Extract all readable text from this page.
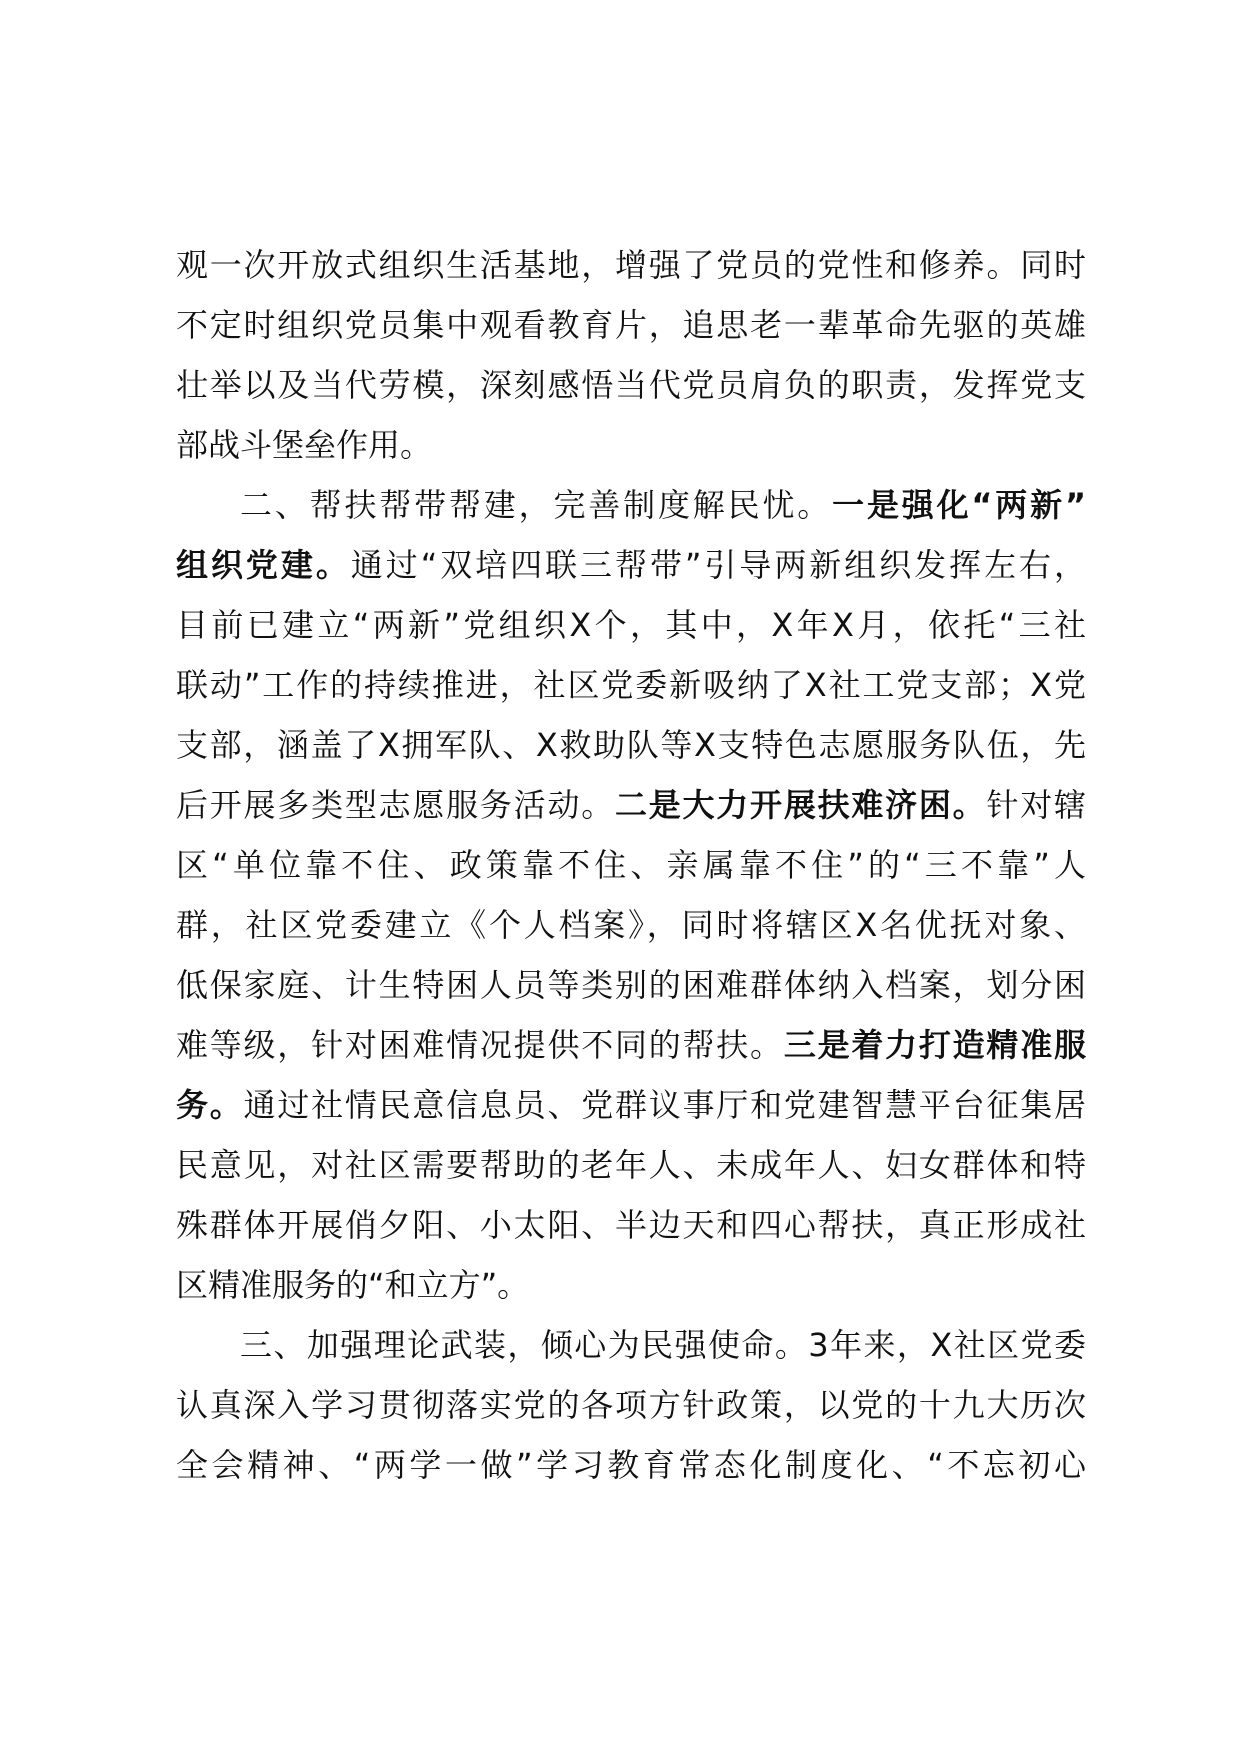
观一次开放式组织生活基地，增强了党员的党性和修养。同时
不定时组织党员集中观看教育片，追思老一辈革命先驱的英雄
壮举以及当代劳模，深刻感悟当代党员肩负的职责，发挥党支
部战斗堡垒作用。
二、帮扶帮带帮建，完善制度解民忧。一是强化“两新”
组织党建。通过“双培四联三帮带”引导两新组织发挥左右，
目前已建立“两新”党组织X个，其中，X年X月，依托“三社
联动”工作的持续推进，社区党委新吸纳了X社工党支部；X党
支部，涵盖了X拥军队、X救助队等X支特色志愿服务队伍，先
后开展多类型志愿服务活动。二是大力开展扶难济困。针对辖
区“单位靠不住、政策靠不住、亲属靠不住”的“三不靠”人
群，社区党委建立《个人档案》，同时将辖区X名优抚对象、
低保家庭、计生特困人员等类别的困难群体纳入档案，划分困
难等级，针对困难情况提供不同的帮扶。三是着力打造精准服
务。通过社情民意信息员、党群议事厅和党建智慧平台征集居
民意见，对社区需要帮助的老年人、未成年人、妇女群体和特
殊群体开展俏夕阳、小太阳、半边天和四心帮扶，真正形成社
区精准服务的“和立方”。
三、加强理论武装，倾心为民强使命。3年来，X社区党委
认真深入学习贯彻落实党的各项方针政策，以党的十九大历次
全会精神、“两学一做”学习教育常态化制度化、“不忘初心
